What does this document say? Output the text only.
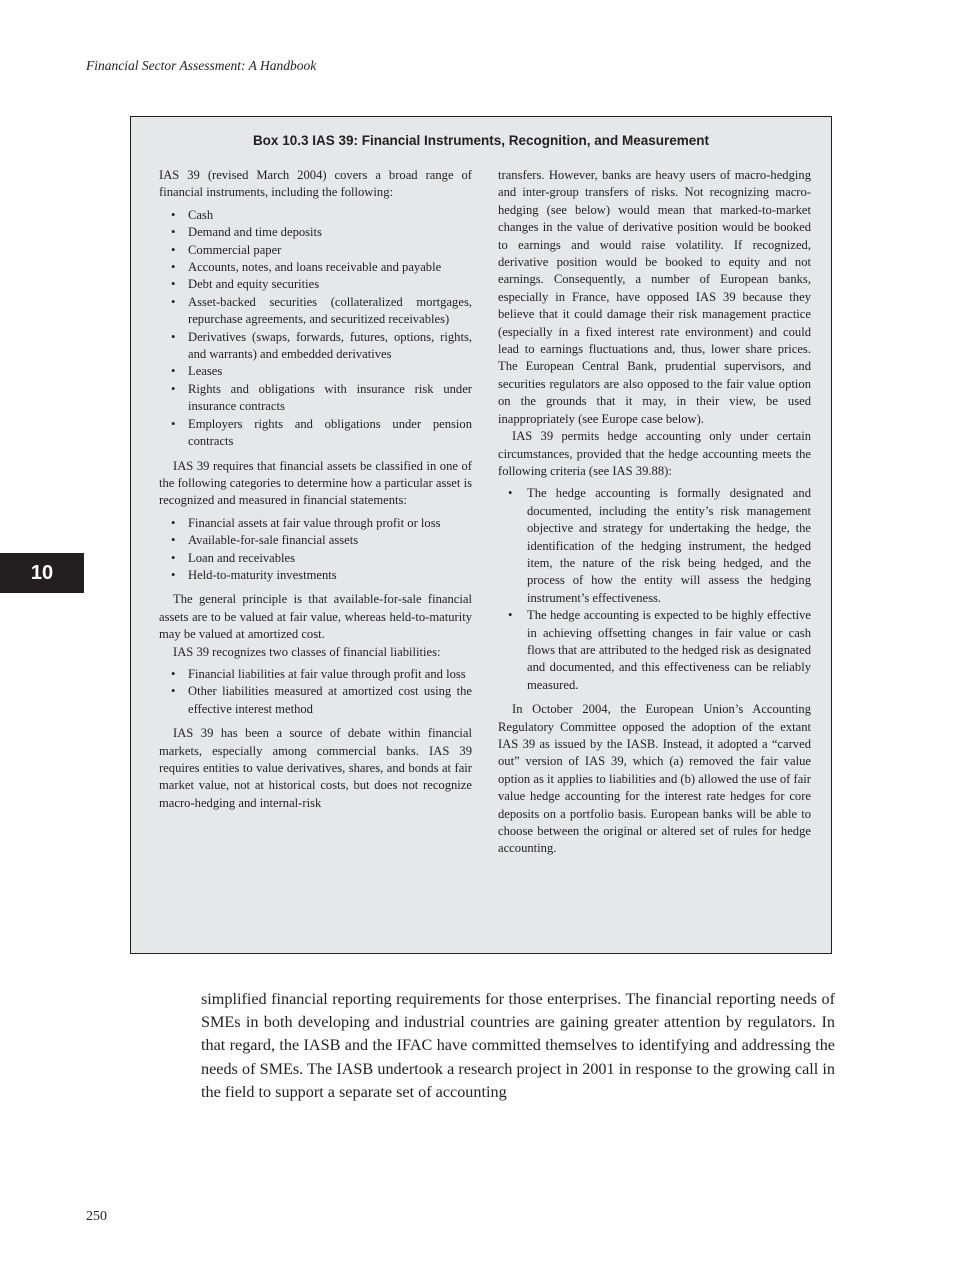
Financial Sector Assessment: A Handbook
10
Box 10.3 IAS 39: Financial Instruments, Recognition, and Measurement

IAS 39 (revised March 2004) covers a broad range of financial instruments, including the following:

• Cash
• Demand and time deposits
• Commercial paper
• Accounts, notes, and loans receivable and payable
• Debt and equity securities
• Asset-backed securities (collateralized mortgages, repurchase agreements, and securitized receivables)
• Derivatives (swaps, forwards, futures, options, rights, and warrants) and embedded derivatives
• Leases
• Rights and obligations with insurance risk under insurance contracts
• Employers rights and obligations under pension contracts

IAS 39 requires that financial assets be classified in one of the following categories to determine how a particular asset is recognized and measured in financial statements:

• Financial assets at fair value through profit or loss
• Available-for-sale financial assets
• Loan and receivables
• Held-to-maturity investments

The general principle is that available-for-sale financial assets are to be valued at fair value, whereas held-to-maturity may be valued at amortized cost.

IAS 39 recognizes two classes of financial liabilities:

• Financial liabilities at fair value through profit and loss
• Other liabilities measured at amortized cost using the effective interest method

IAS 39 has been a source of debate within financial markets, especially among commercial banks. IAS 39 requires entities to value derivatives, shares, and bonds at fair market value, not at historical costs, but does not recognize macro-hedging and internal-risk

transfers. However, banks are heavy users of macro-hedging and inter-group transfers of risks. Not recognizing macro-hedging (see below) would mean that marked-to-market changes in the value of derivative position would be booked to earnings and would raise volatility. If recognized, derivative position would be booked to equity and not earnings. Consequently, a number of European banks, especially in France, have opposed IAS 39 because they believe that it could damage their risk management practice (especially in a fixed interest rate environment) and could lead to earnings fluctuations and, thus, lower share prices. The European Central Bank, prudential supervisors, and securities regulators are also opposed to the fair value option on the grounds that it may, in their view, be used inappropriately (see Europe case below).

IAS 39 permits hedge accounting only under certain circumstances, provided that the hedge accounting meets the following criteria (see IAS 39.88):

• The hedge accounting is formally designated and documented, including the entity’s risk management objective and strategy for undertaking the hedge, the identification of the hedging instrument, the hedged item, the nature of the risk being hedged, and the process of how the entity will assess the hedging instrument’s effectiveness.
• The hedge accounting is expected to be highly effective in achieving offsetting changes in fair value or cash flows that are attributed to the hedged risk as designated and documented, and this effectiveness can be reliably measured.

In October 2004, the European Union’s Accounting Regulatory Committee opposed the adoption of the extant IAS 39 as issued by the IASB. Instead, it adopted a “carved out” version of IAS 39, which (a) removed the fair value option as it applies to liabilities and (b) allowed the use of fair value hedge accounting for the interest rate hedges for core deposits on a portfolio basis. European banks will be able to choose between the original or altered set of rules for hedge accounting.

simplified financial reporting requirements for those enterprises. The financial reporting needs of SMEs in both developing and industrial countries are gaining greater attention by regulators. In that regard, the IASB and the IFAC have committed themselves to identifying and addressing the needs of SMEs. The IASB undertook a research project in 2001 in response to the growing call in the field to support a separate set of accounting

250
